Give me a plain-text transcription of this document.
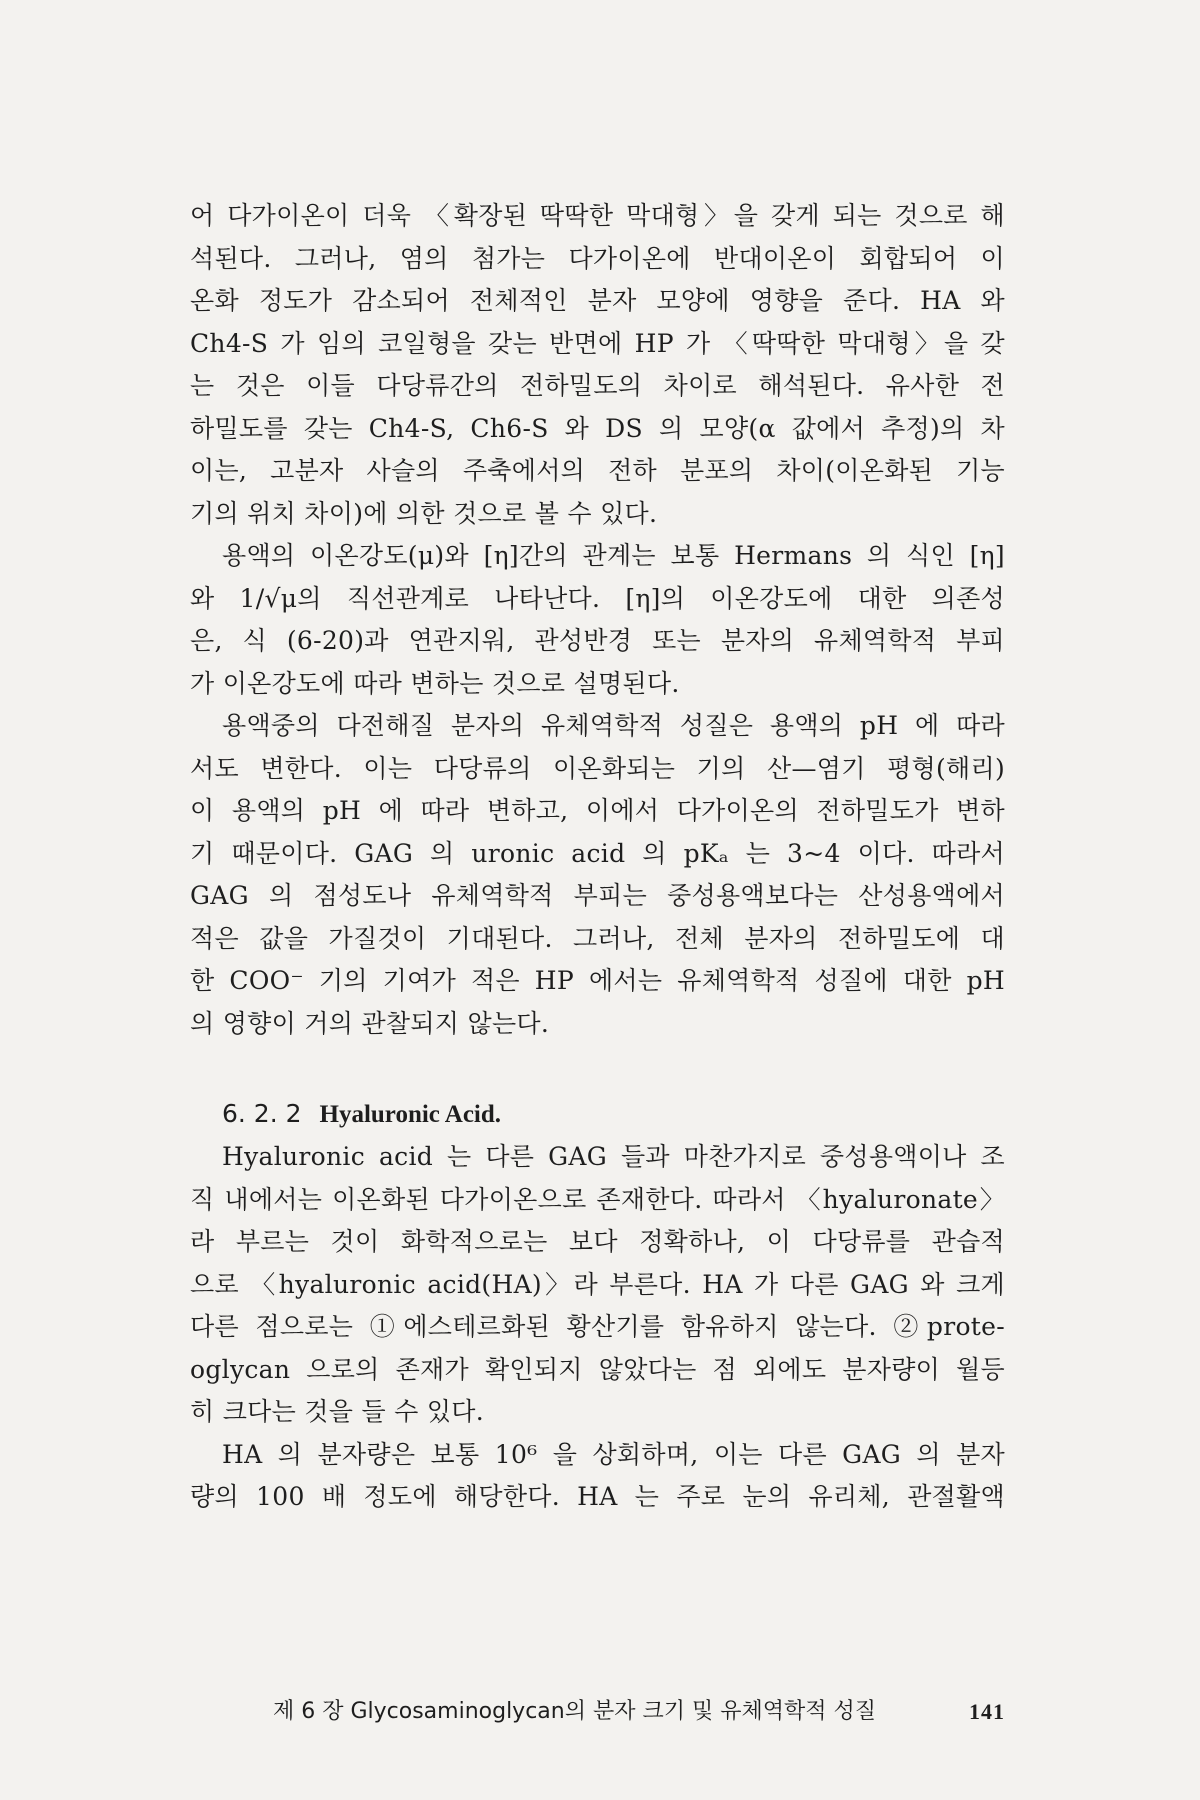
어 다가이온이 더욱 〈확장된 딱딱한 막대형〉을 갖게 되는 것으로 해
석된다. 그러나, 염의 첨가는 다가이온에 반대이온이 회합되어 이
온화 정도가 감소되어 전체적인 분자 모양에 영향을 준다. HA 와
Ch4-S 가 임의 코일형을 갖는 반면에 HP 가 〈딱딱한 막대형〉을 갖
는 것은 이들 다당류간의 전하밀도의 차이로 해석된다. 유사한 전
하밀도를 갖는 Ch4-S, Ch6-S 와 DS 의 모양(α 값에서 추정)의 차
이는, 고분자 사슬의 주축에서의 전하 분포의 차이(이온화된 기능
기의 위치 차이)에 의한 것으로 볼 수 있다.
용액의 이온강도(μ)와 [η]간의 관계는 보통 Hermans 의 식인 [η]
와 1/√μ의 직선관계로 나타난다. [η]의 이온강도에 대한 의존성
은, 식 (6-20)과 연관지워, 관성반경 또는 분자의 유체역학적 부피
가 이온강도에 따라 변하는 것으로 설명된다.
용액중의 다전해질 분자의 유체역학적 성질은 용액의 pH 에 따라
서도 변한다. 이는 다당류의 이온화되는 기의 산—염기 평형(해리)
이 용액의 pH 에 따라 변하고, 이에서 다가이온의 전하밀도가 변하
기 때문이다. GAG 의 uronic acid 의 pKₐ 는 3~4 이다. 따라서
GAG 의 점성도나 유체역학적 부피는 중성용액보다는 산성용액에서
적은 값을 가질것이 기대된다. 그러나, 전체 분자의 전하밀도에 대
한 COO⁻ 기의 기여가 적은 HP 에서는 유체역학적 성질에 대한 pH
의 영향이 거의 관찰되지 않는다.
6. 2. 2 Hyaluronic Acid.
Hyaluronic acid 는 다른 GAG 들과 마찬가지로 중성용액이나 조
직 내에서는 이온화된 다가이온으로 존재한다. 따라서 〈hyaluronate〉
라 부르는 것이 화학적으로는 보다 정확하나, 이 다당류를 관습적
으로 〈hyaluronic acid(HA)〉라 부른다. HA 가 다른 GAG 와 크게
다른 점으로는 ①에스테르화된 황산기를 함유하지 않는다. ②prote-
oglycan 으로의 존재가 확인되지 않았다는 점 외에도 분자량이 월등
히 크다는 것을 들 수 있다.
HA 의 분자량은 보통 10⁶ 을 상회하며, 이는 다른 GAG 의 분자
량의 100 배 정도에 해당한다. HA 는 주로 눈의 유리체, 관절활액
제 6 장 Glycosaminoglycan의 분자 크기 및 유체역학적 성질	141
